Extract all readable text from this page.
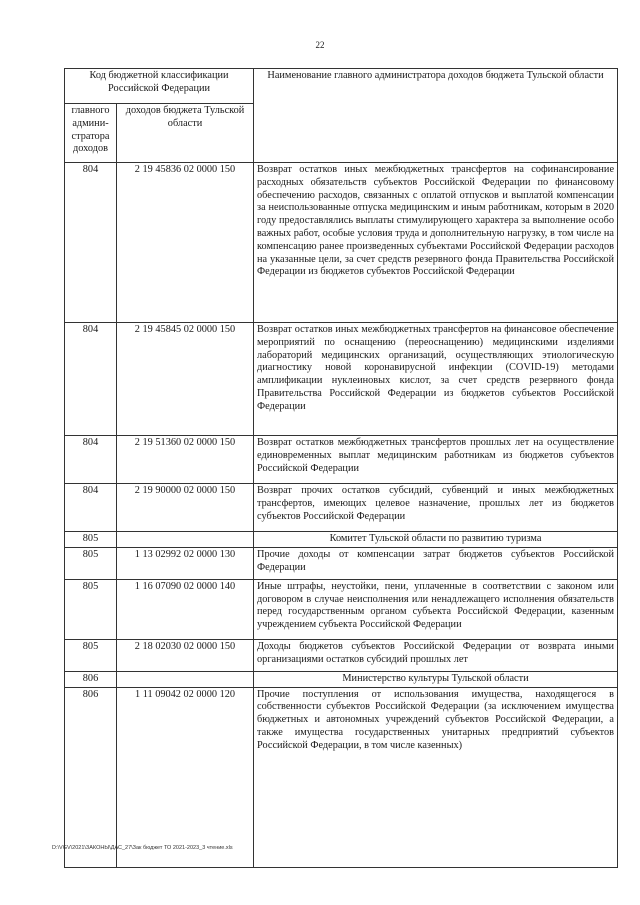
22
Код бюджетной классификации Российской Федерации		Наименование главного администратора доходов бюджета Тульской области
главного админи-стратора доходов	доходов бюджета Тульской области	
804	2 19 45836 02 0000 150	Возврат остатков иных межбюджетных трансфертов на софинансирование расходных обязательств субъектов Российской Федерации по финансовому обеспечению расходов, связанных с оплатой отпусков и выплатой компенсации за неиспользованные отпуска медицинским и иным работникам, которым в 2020 году предоставлялись выплаты стимулирующего характера за выполнение особо важных работ, особые условия труда и дополнительную нагрузку, в том числе на компенсацию ранее произведенных субъектами Российской Федерации расходов на указанные цели, за счет средств резервного фонда Правительства Российской Федерации из бюджетов субъектов Российской Федерации
804	2 19 45845 02 0000 150	Возврат остатков иных межбюджетных трансфертов на финансовое обеспечение мероприятий по оснащению (переоснащению) медицинскими изделиями лабораторий медицинских организаций, осуществляющих этиологическую диагностику новой коронавирусной инфекции (COVID-19) методами амплификации нуклеиновых кислот, за счет средств резервного фонда Правительства Российской Федерации из бюджетов субъектов Российской Федерации
804	2 19 51360 02 0000 150	Возврат остатков межбюджетных трансфертов прошлых лет на осуществление единовременных выплат медицинским работникам из бюджетов субъектов Российской Федерации
804	2 19 90000 02 0000 150	Возврат прочих остатков субсидий, субвенций и иных межбюджетных трансфертов, имеющих целевое назначение, прошлых лет из бюджетов субъектов Российской Федерации
805		Комитет Тульской области по развитию туризма
805	1 13 02992 02 0000 130	Прочие доходы от компенсации затрат бюджетов субъектов Российской Федерации
805	1 16 07090 02 0000 140	Иные штрафы, неустойки, пени, уплаченные в соответствии с законом или договором в случае неисполнения или ненадлежащего исполнения обязательств перед государственным органом субъекта Российской Федерации, казенным учреждением субъекта Российской Федерации
805	2 18 02030 02 0000 150	Доходы бюджетов субъектов Российской Федерации от возврата иными организациями остатков субсидий прошлых лет
806		Министерство культуры Тульской области
806	1 11 09042 02 0000 120	Прочие поступления от использования имущества, находящегося в собственности субъектов Российской Федерации (за исключением имущества бюджетных и автономных учреждений субъектов Российской Федерации, а также имущества государственных унитарных предприятий субъектов Российской Федерации, в том числе казенных)
D:\VGV\2021\ЗАКОНЫ\ДАС_27\Зак бюджет ТО 2021-2023_3 чтение.xls
